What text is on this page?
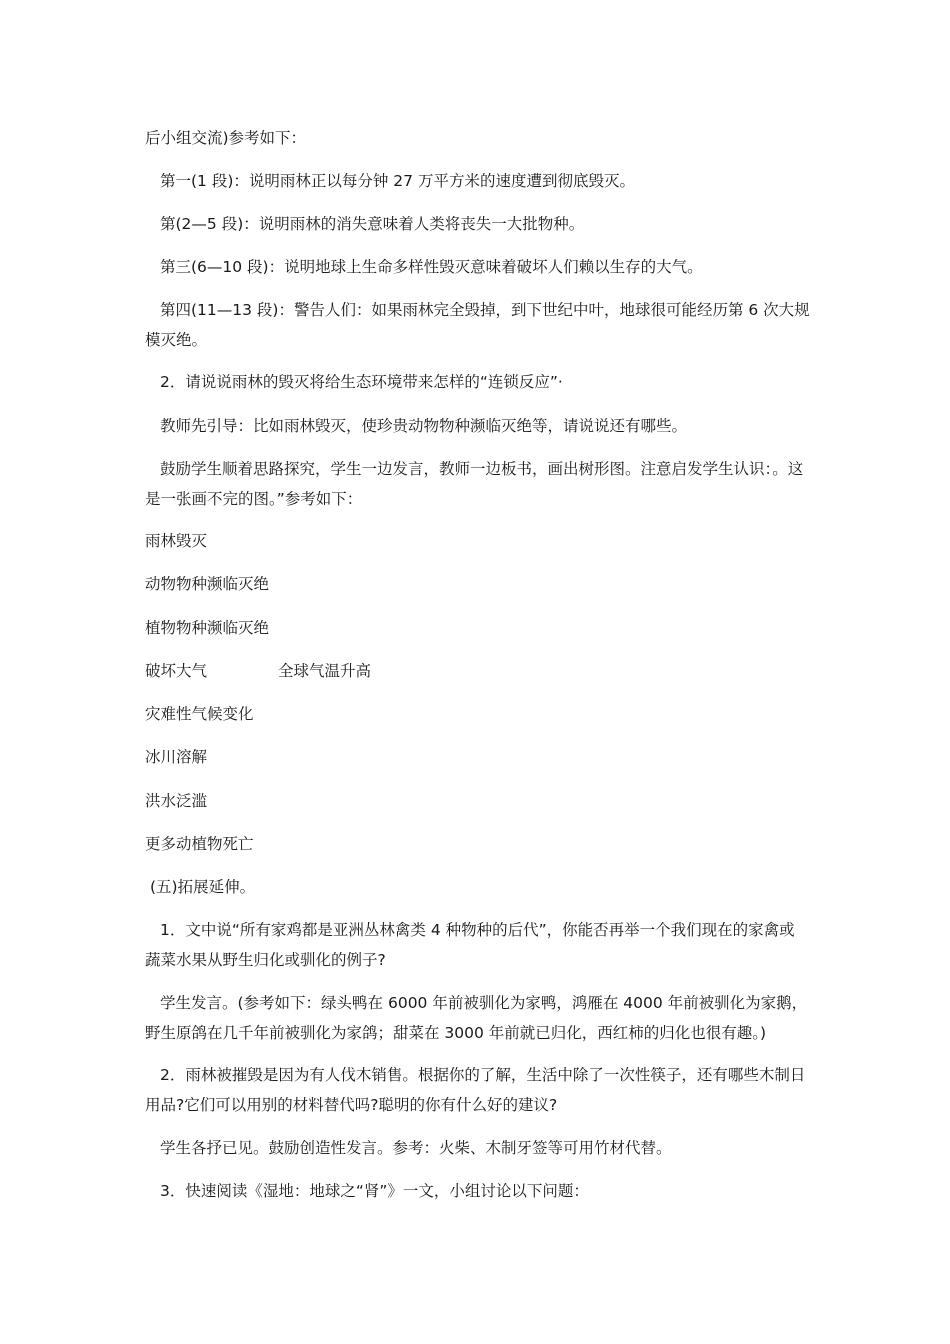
后小组交流)参考如下：

第一(1 段)：说明雨林正以每分钟 27 万平方米的速度遭到彻底毁灭。

第(2—5 段)：说明雨林的消失意味着人类将丧失一大批物种。

第三(6—10 段)：说明地球上生命多样性毁灭意味着破坏人们赖以生存的大气。

第四(11—13 段)：警告人们：如果雨林完全毁掉，到下世纪中叶，地球很可能经历第 6 次大规模灭绝。

2．请说说雨林的毁灭将给生态环境带来怎样的“连锁反应”·

教师先引导：比如雨林毁灭，使珍贵动物物种濒临灭绝等，请说说还有哪些。

鼓励学生顺着思路探究，学生一边发言，教师一边板书，画出树形图。注意启发学生认识：。这是一张画不完的图。”参考如下：

雨林毁灭

动物物种濒临灭绝

植物物种濒临灭绝

破坏大气	全球气温升高

灾难性气候变化

冰川溶解

洪水泛滥

更多动植物死亡

(五)拓展延伸。

1．文中说“所有家鸡都是亚洲丛林禽类 4 种物种的后代”，你能否再举一个我们现在的家禽或蔬菜水果从野生归化或驯化的例子?

学生发言。(参考如下：绿头鸭在 6000 年前被驯化为家鸭，鸿雁在 4000 年前被驯化为家鹅，野生原鸽在几千年前被驯化为家鸽；甜菜在 3000 年前就已归化，西红柿的归化也很有趣。)

2．雨林被摧毁是因为有人伐木销售。根据你的了解，生活中除了一次性筷子，还有哪些木制日用品?它们可以用别的材料替代吗?聪明的你有什么好的建议?

学生各抒已见。鼓励创造性发言。参考：火柴、木制牙签等可用竹材代替。

3．快速阅读《湿地：地球之“肾”》一文，小组讨论以下问题：
